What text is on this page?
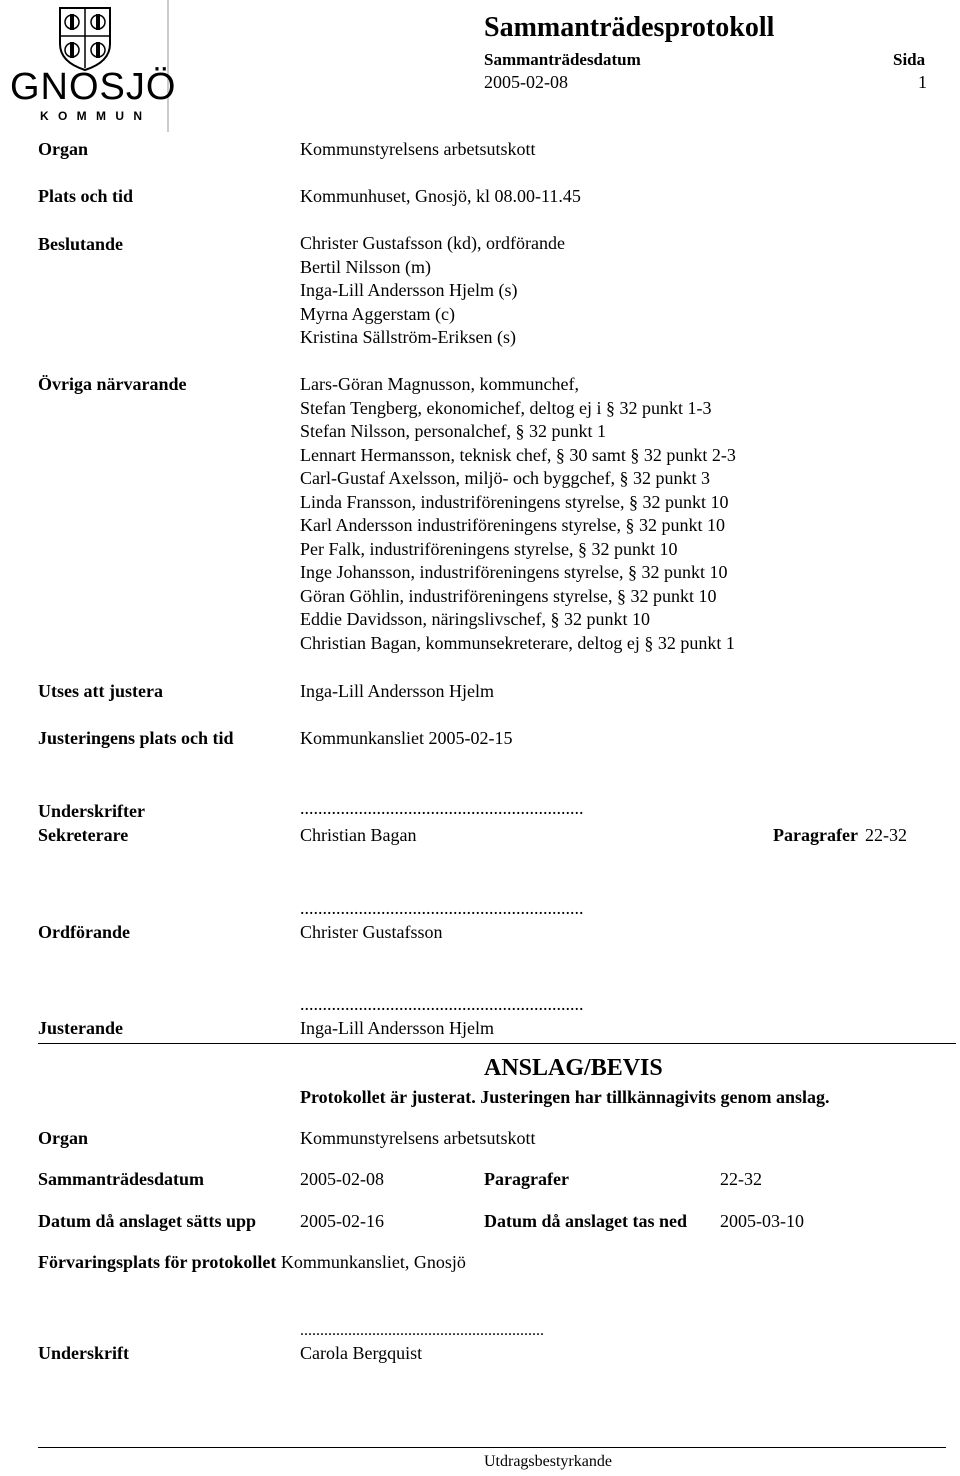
GNOSJÖ
K O M M U N
Sammanträdesprotokoll
Sammanträdesdatum	Sida
2005-02-08	1
Organ	Kommunstyrelsens arbetsutskott
Plats och tid	Kommunhuset, Gnosjö, kl 08.00-11.45
Beslutande	Christer Gustafsson (kd), ordförande
Bertil Nilsson (m)
Inga-Lill Andersson Hjelm (s)
Myrna Aggerstam (c)
Kristina Sällström-Eriksen (s)
Övriga närvarande	Lars-Göran Magnusson, kommunchef,
Stefan Tengberg, ekonomichef, deltog ej i § 32 punkt 1-3
Stefan Nilsson, personalchef, § 32 punkt 1
Lennart Hermansson, teknisk chef, § 30 samt § 32 punkt 2-3
Carl-Gustaf Axelsson, miljö- och byggchef, § 32 punkt 3
Linda Fransson, industriföreningens styrelse, § 32 punkt 10
Karl Andersson industriföreningens styrelse, § 32 punkt 10
Per Falk, industriföreningens styrelse, § 32 punkt 10
Inge Johansson, industriföreningens styrelse, § 32 punkt 10
Göran Göhlin, industriföreningens styrelse, § 32 punkt 10
Eddie Davidsson, näringslivschef, § 32 punkt 10
Christian Bagan, kommunsekreterare, deltog ej § 32 punkt 1
Utses att justera	Inga-Lill Andersson Hjelm
Justeringens plats och tid	Kommunkansliet 2005-02-15
Underskrifter	...............................................................
Sekreterare	Christian Bagan	Paragrafer 22-32
...............................................................
Ordförande	Christer Gustafsson
...............................................................
Justerande	Inga-Lill Andersson Hjelm
ANSLAG/BEVIS
Protokollet är justerat. Justeringen har tillkännagivits genom anslag.
Organ	Kommunstyrelsens arbetsutskott
Sammanträdesdatum	2005-02-08	Paragrafer	22-32
Datum då anslaget sätts upp 2005-02-16	Datum då anslaget tas ned 2005-03-10
Förvaringsplats för protokollet Kommunkansliet, Gnosjö
.............................................................
Underskrift	Carola Bergquist
Utdragsbestyrkande
